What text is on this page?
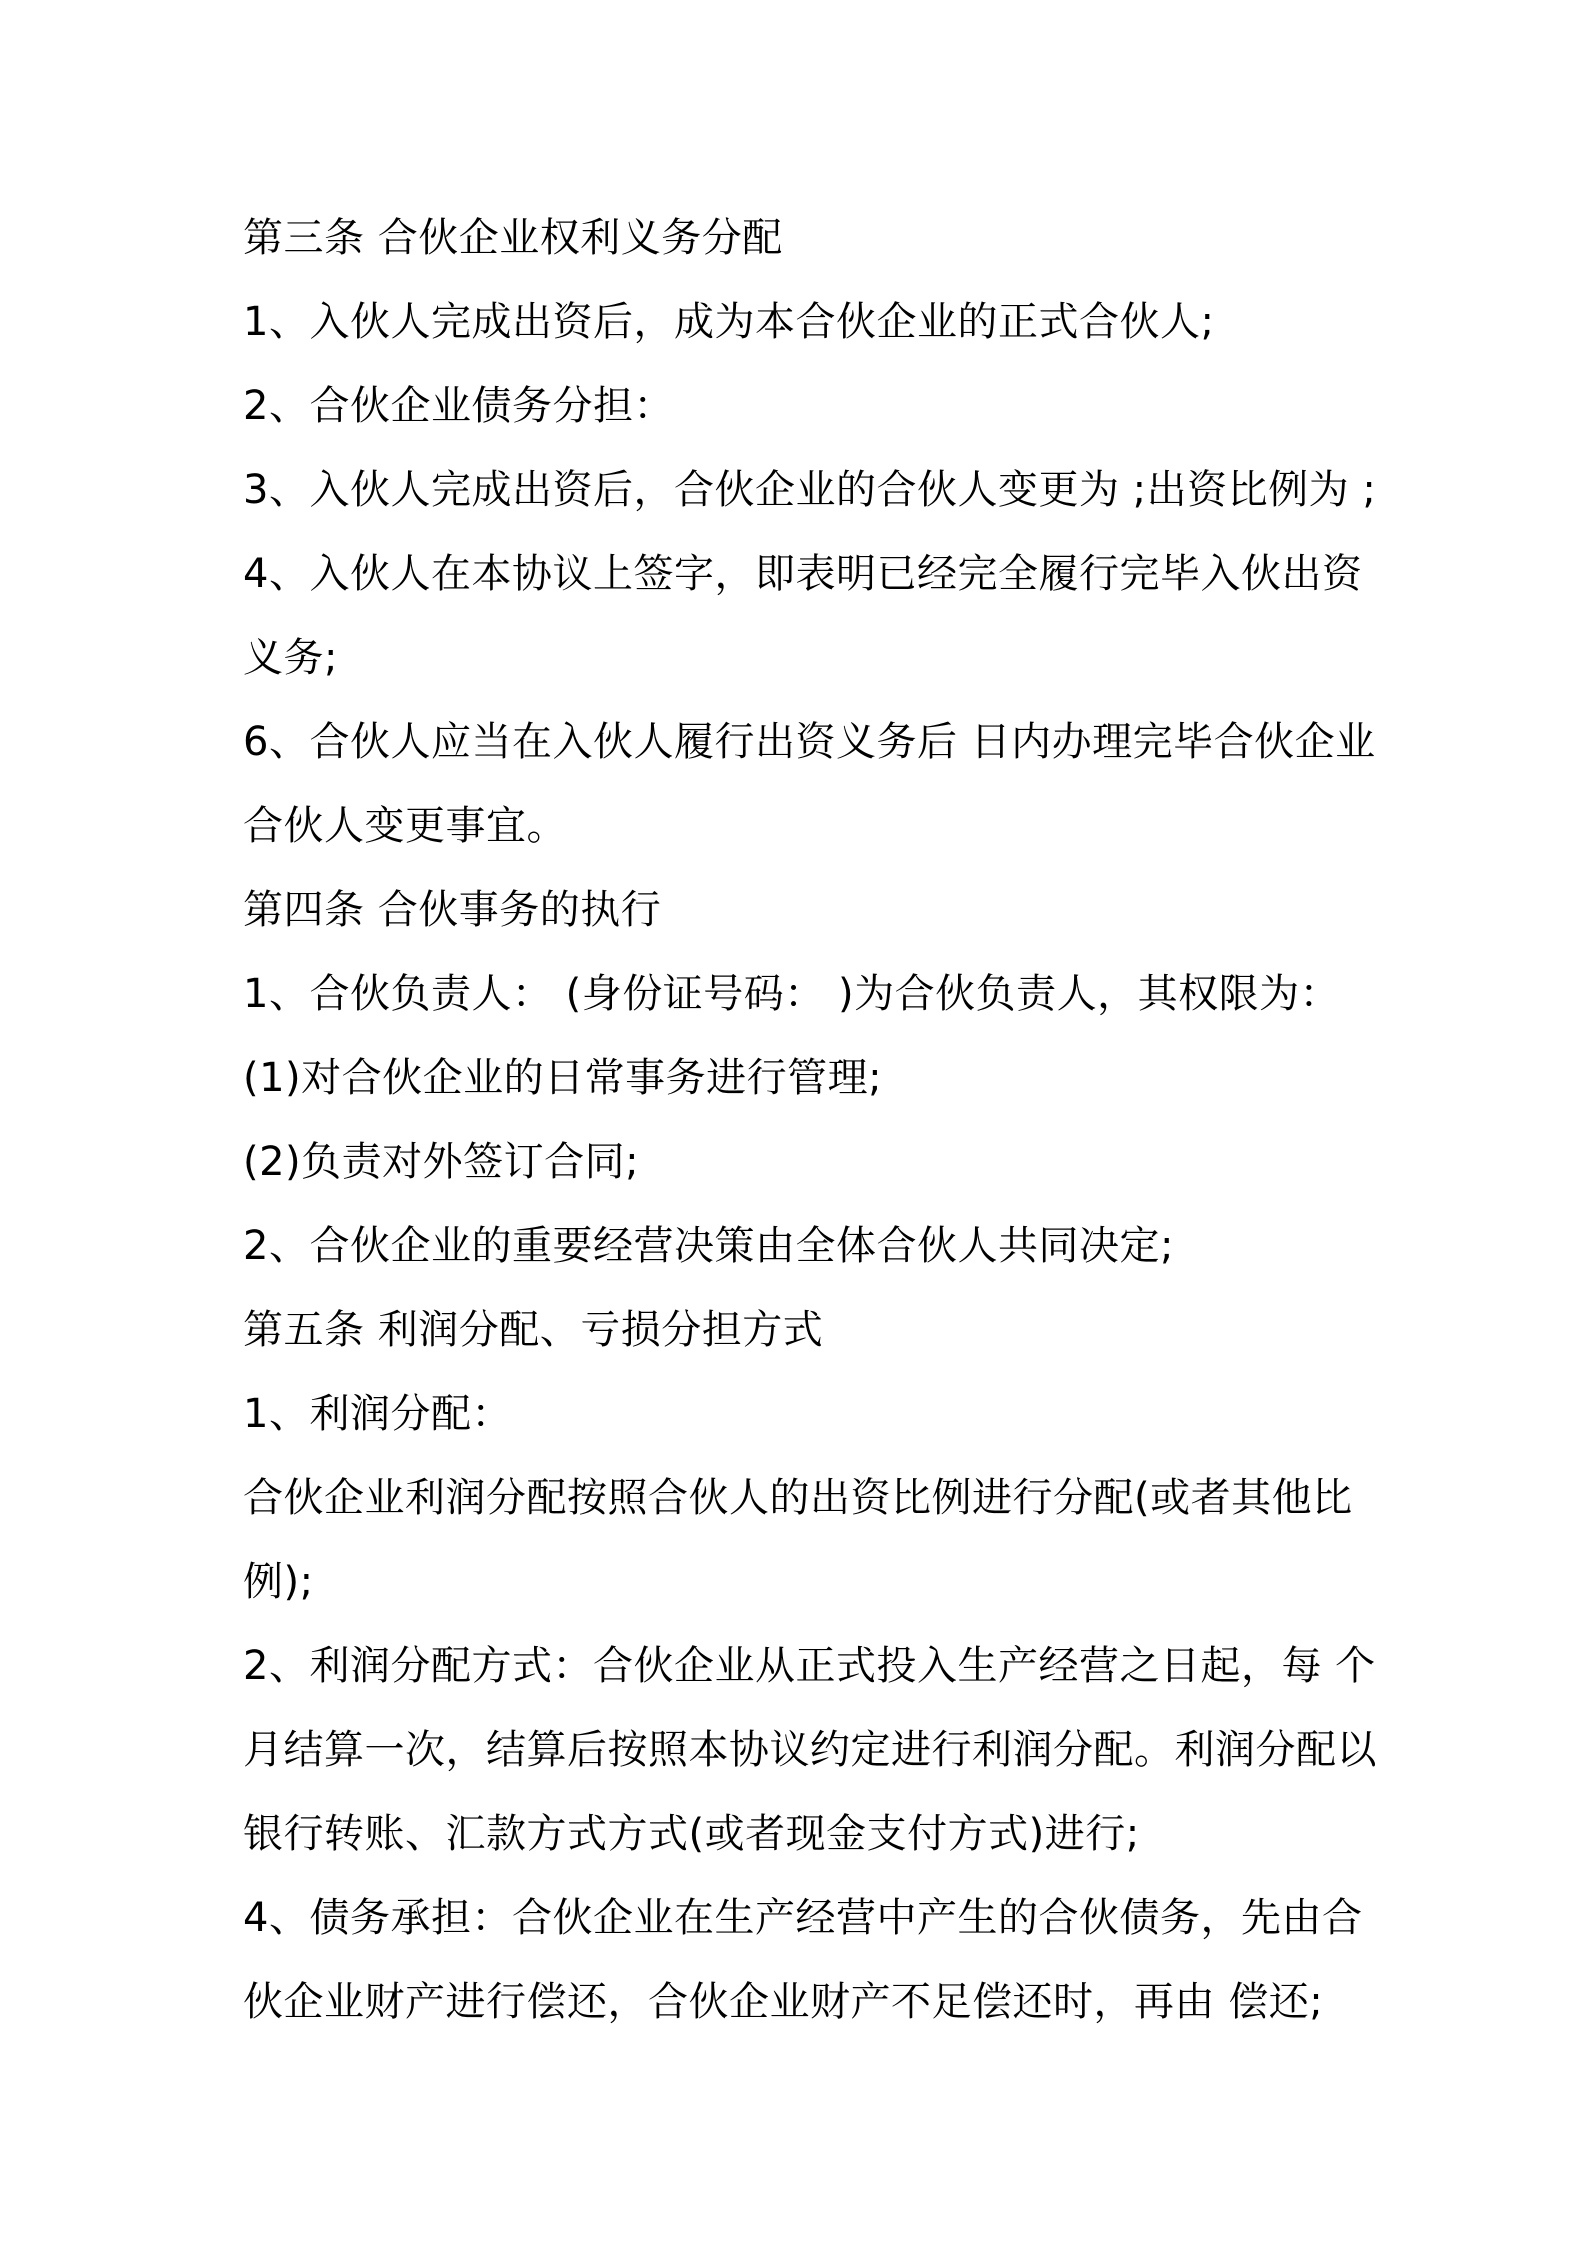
第三条 合伙企业权利义务分配
1、入伙人完成出资后，成为本合伙企业的正式合伙人;
2、合伙企业债务分担：
3、入伙人完成出资后，合伙企业的合伙人变更为 ;出资比例为 ;
4、入伙人在本协议上签字，即表明已经完全履行完毕入伙出资
义务;
6、合伙人应当在入伙人履行出资义务后 日内办理完毕合伙企业
合伙人变更事宜。
第四条 合伙事务的执行
1、合伙负责人： (身份证号码： )为合伙负责人，其权限为：
(1)对合伙企业的日常事务进行管理;
(2)负责对外签订合同;
2、合伙企业的重要经营决策由全体合伙人共同决定;
第五条 利润分配、亏损分担方式
1、利润分配：
合伙企业利润分配按照合伙人的出资比例进行分配(或者其他比
例);
2、利润分配方式：合伙企业从正式投入生产经营之日起，每 个
月结算一次，结算后按照本协议约定进行利润分配。利润分配以
银行转账、汇款方式方式(或者现金支付方式)进行;
4、债务承担：合伙企业在生产经营中产生的合伙债务，先由合
伙企业财产进行偿还，合伙企业财产不足偿还时，再由 偿还;
